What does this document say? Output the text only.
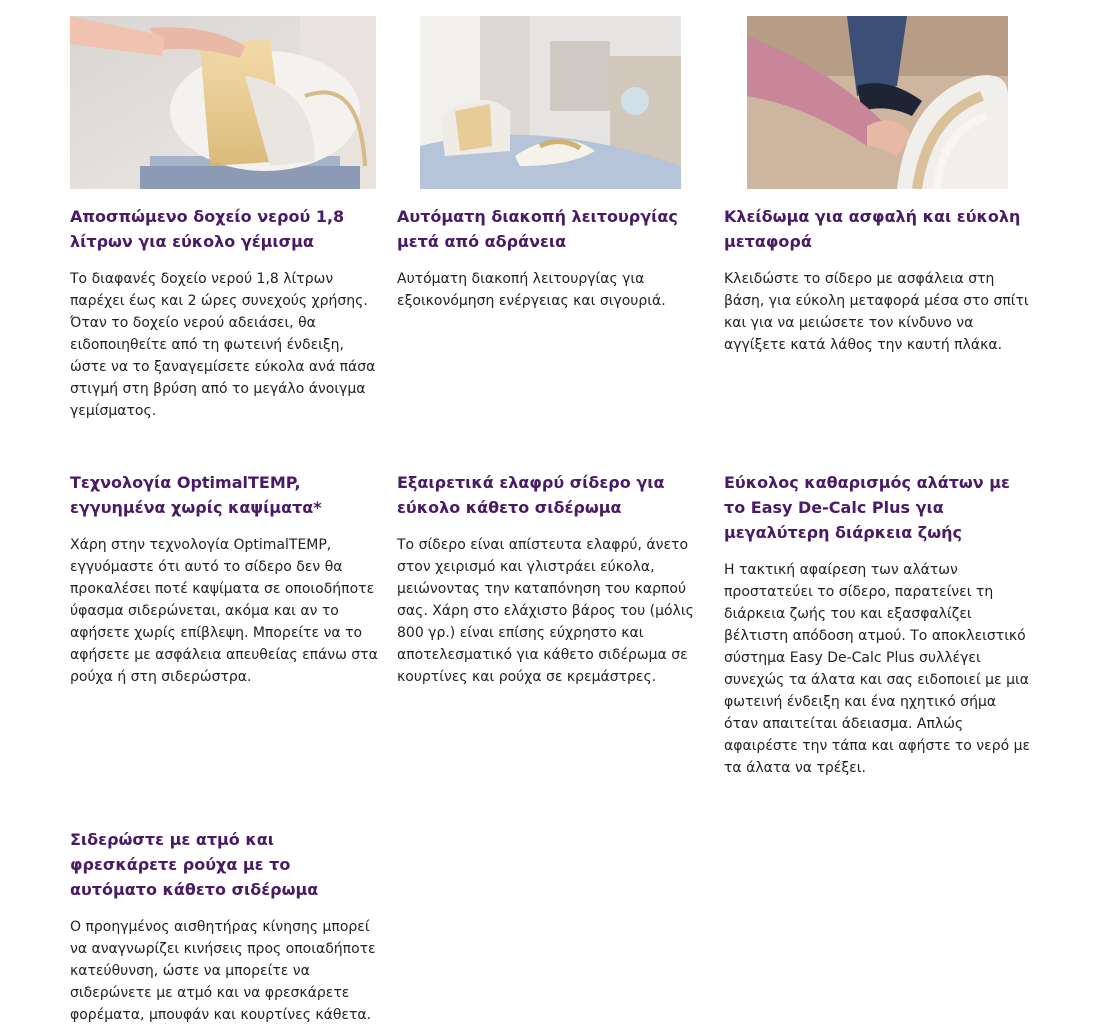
Αποσπώμενο δοχείο νερού 1,8 λίτρων για εύκολο γέμισμα

Το διαφανές δοχείο νερού 1,8 λίτρων παρέχει έως και 2 ώρες συνεχούς χρήσης. Όταν το δοχείο νερού αδειάσει, θα ειδοποιηθείτε από τη φωτεινή ένδειξη, ώστε να το ξαναγεμίσετε εύκολα ανά πάσα στιγμή στη βρύση από το μεγάλο άνοιγμα γεμίσματος.

Αυτόματη διακοπή λειτουργίας μετά από αδράνεια

Αυτόματη διακοπή λειτουργίας για εξοικονόμηση ενέργειας και σιγουριά.

Κλείδωμα για ασφαλή και εύκολη μεταφορά

Κλειδώστε το σίδερο με ασφάλεια στη βάση, για εύκολη μεταφορά μέσα στο σπίτι και για να μειώσετε τον κίνδυνο να αγγίξετε κατά λάθος την καυτή πλάκα.

Τεχνολογία OptimalTEMP, εγγυημένα χωρίς καψίματα*

Χάρη στην τεχνολογία OptimalTEMP, εγγυόμαστε ότι αυτό το σίδερο δεν θα προκαλέσει ποτέ καψίματα σε οποιοδήποτε ύφασμα σιδερώνεται, ακόμα και αν το αφήσετε χωρίς επίβλεψη. Μπορείτε να το αφήσετε με ασφάλεια απευθείας επάνω στα ρούχα ή στη σιδερώστρα.

Εξαιρετικά ελαφρύ σίδερο για εύκολο κάθετο σιδέρωμα

Το σίδερο είναι απίστευτα ελαφρύ, άνετο στον χειρισμό και γλιστράει εύκολα, μειώνοντας την καταπόνηση του καρπού σας. Χάρη στο ελάχιστο βάρος του (μόλις 800 γρ.) είναι επίσης εύχρηστο και αποτελεσματικό για κάθετο σιδέρωμα σε κουρτίνες και ρούχα σε κρεμάστρες.

Εύκολος καθαρισμός αλάτων με το Easy De-Calc Plus για μεγαλύτερη διάρκεια ζωής

Η τακτική αφαίρεση των αλάτων προστατεύει το σίδερο, παρατείνει τη διάρκεια ζωής του και εξασφαλίζει βέλτιστη απόδοση ατμού. Το αποκλειστικό σύστημα Easy De-Calc Plus συλλέγει συνεχώς τα άλατα και σας ειδοποιεί με μια φωτεινή ένδειξη και ένα ηχητικό σήμα όταν απαιτείται άδειασμα. Απλώς αφαιρέστε την τάπα και αφήστε το νερό με τα άλατα να τρέξει.

Σιδερώστε με ατμό και φρεσκάρετε ρούχα με το αυτόματο κάθετο σιδέρωμα

Ο προηγμένος αισθητήρας κίνησης μπορεί να αναγνωρίζει κινήσεις προς οποιαδήποτε κατεύθυνση, ώστε να μπορείτε να σιδερώνετε με ατμό και να φρεσκάρετε φορέματα, μπουφάν και κουρτίνες κάθετα.
